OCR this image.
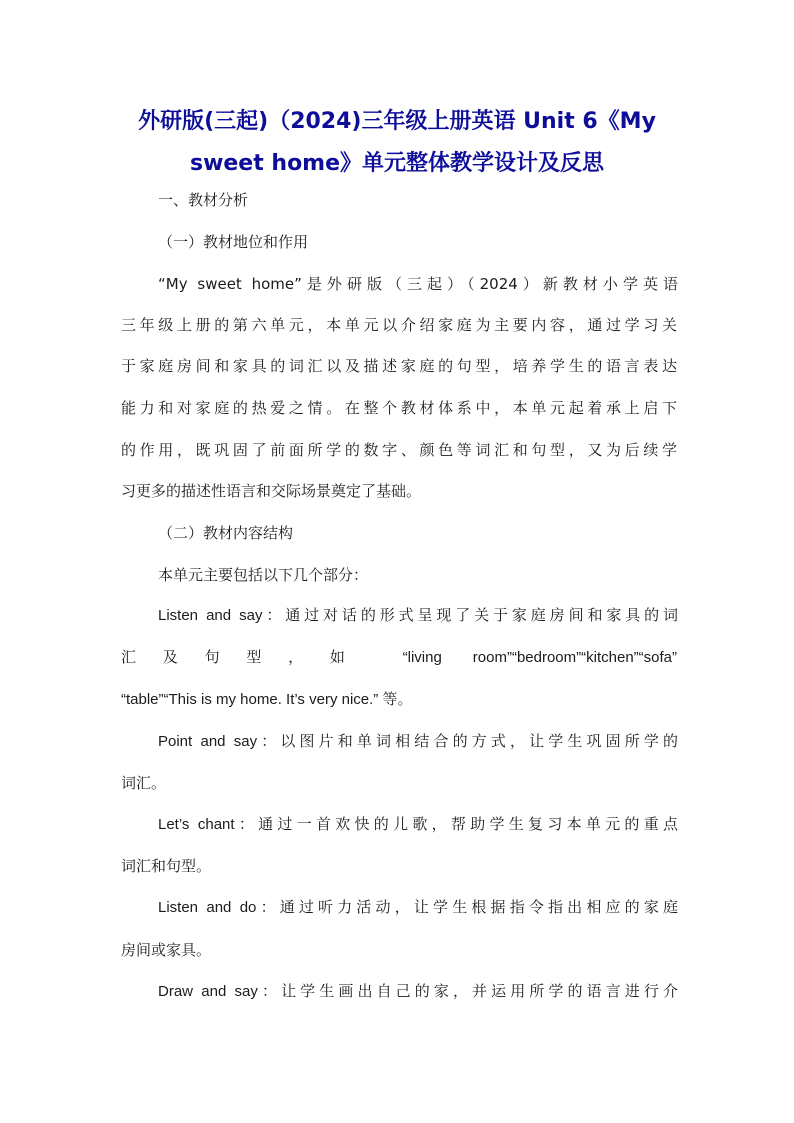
外研版(三起)（2024)三年级上册英语 Unit 6《My
sweet home》单元整体教学设计及反思
一、教材分析
（一）教材地位和作用
“My sweet home”是外研版（三起）（2024）新教材小学英语
三年级上册的第六单元，本单元以介绍家庭为主要内容，通过学习关
于家庭房间和家具的词汇以及描述家庭的句型，培养学生的语言表达
能力和对家庭的热爱之情。在整个教材体系中，本单元起着承上启下
的作用，既巩固了前面所学的数字、颜色等词汇和句型，又为后续学
习更多的描述性语言和交际场景奠定了基础。
（二）教材内容结构
本单元主要包括以下几个部分：
Listen and say：通过对话的形式呈现了关于家庭房间和家具的词
汇及句型，如 “living room”“bedroom”“kitchen”“sofa”
“table”“This is my home. It’s very nice.” 等。
Point and say：以图片和单词相结合的方式，让学生巩固所学的
词汇。
Let’s chant：通过一首欢快的儿歌，帮助学生复习本单元的重点
词汇和句型。
Listen and do：通过听力活动，让学生根据指令指出相应的家庭
房间或家具。
Draw and say：让学生画出自己的家，并运用所学的语言进行介
